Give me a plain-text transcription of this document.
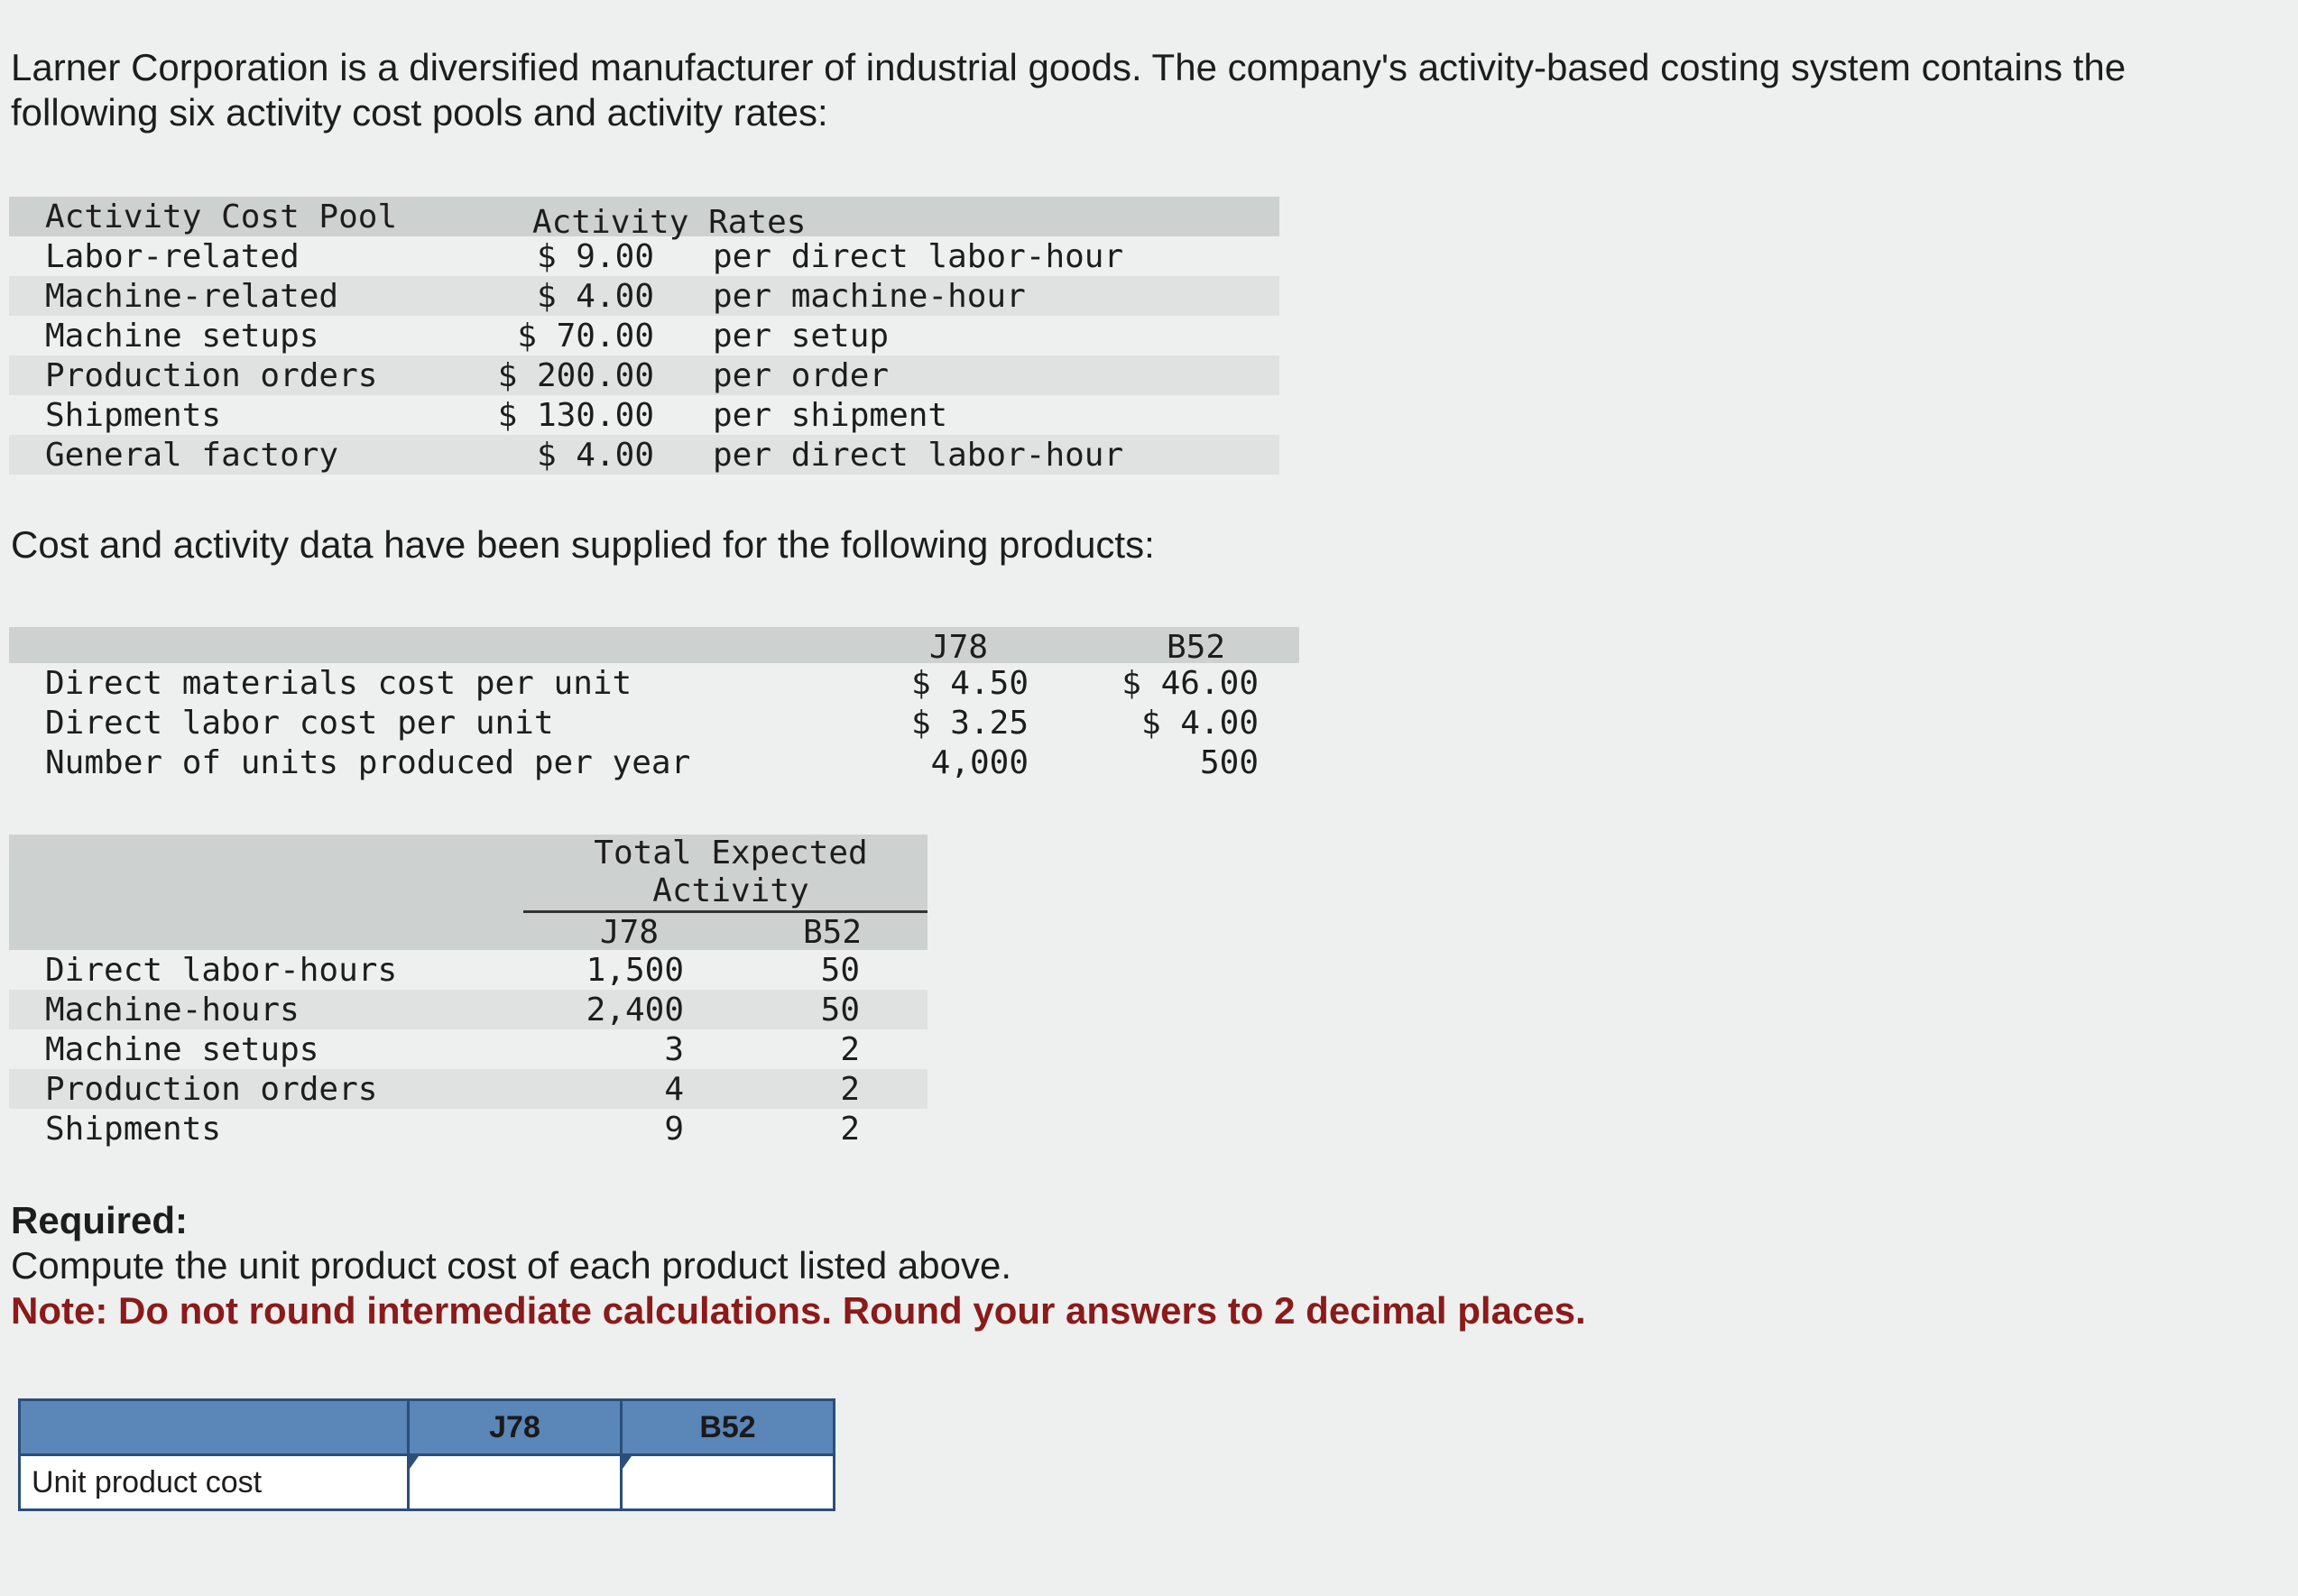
Larner Corporation is a diversified manufacturer of industrial goods. The company's activity-based costing system contains the
following six activity cost pools and activity rates:
Activity Cost Pool	Activity Rates
Labor-related	$ 9.00 per direct labor-hour
Machine-related	$ 4.00 per machine-hour
Machine setups	$ 70.00 per setup
Production orders	$ 200.00 per order
Shipments	$ 130.00 per shipment
General factory	$ 4.00 per direct labor-hour
Cost and activity data have been supplied for the following products:
J78	B52
Direct materials cost per unit	$ 4.50	$ 46.00
Direct labor cost per unit	$ 3.25	$ 4.00
Number of units produced per year	4,000	500
Total Expected
Activity
J78	B52
Direct labor-hours	1,500	50
Machine-hours	2,400	50
Machine setups	3	2
Production orders	4	2
Shipments	9	2
Required:
Compute the unit product cost of each product listed above.
Note: Do not round intermediate calculations. Round your answers to 2 decimal places.
	J78	B52
Unit product cost	
